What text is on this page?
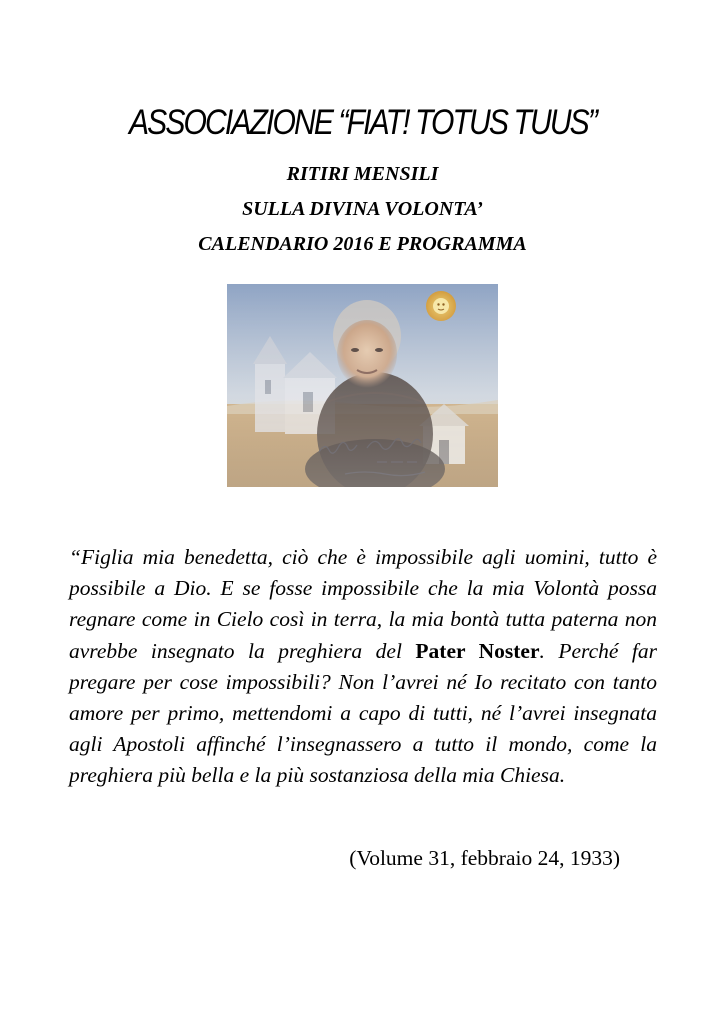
ASSOCIAZIONE “FIAT! TOTUS TUUS”
RITIRI MENSILI
SULLA DIVINA VOLONTA’
CALENDARIO 2016 E PROGRAMMA
“Figlia mia benedetta, ciò che è impossibile agli uomini, tutto è possibile a Dio. E se fosse impossibile che la mia Volontà possa regnare come in Cielo così in terra, la mia bontà tutta paterna non avrebbe insegnato la preghiera del Pater Noster. Perché far pregare per cose impossibili? Non l’avrei né Io recitato con tanto amore per primo, mettendomi a capo di tutti, né l’avrei insegnata agli Apostoli affinché l’insegnassero a tutto il mondo, come la preghiera più bella e la più sostanziosa della mia Chiesa.
(Volume 31, febbraio 24, 1933)
